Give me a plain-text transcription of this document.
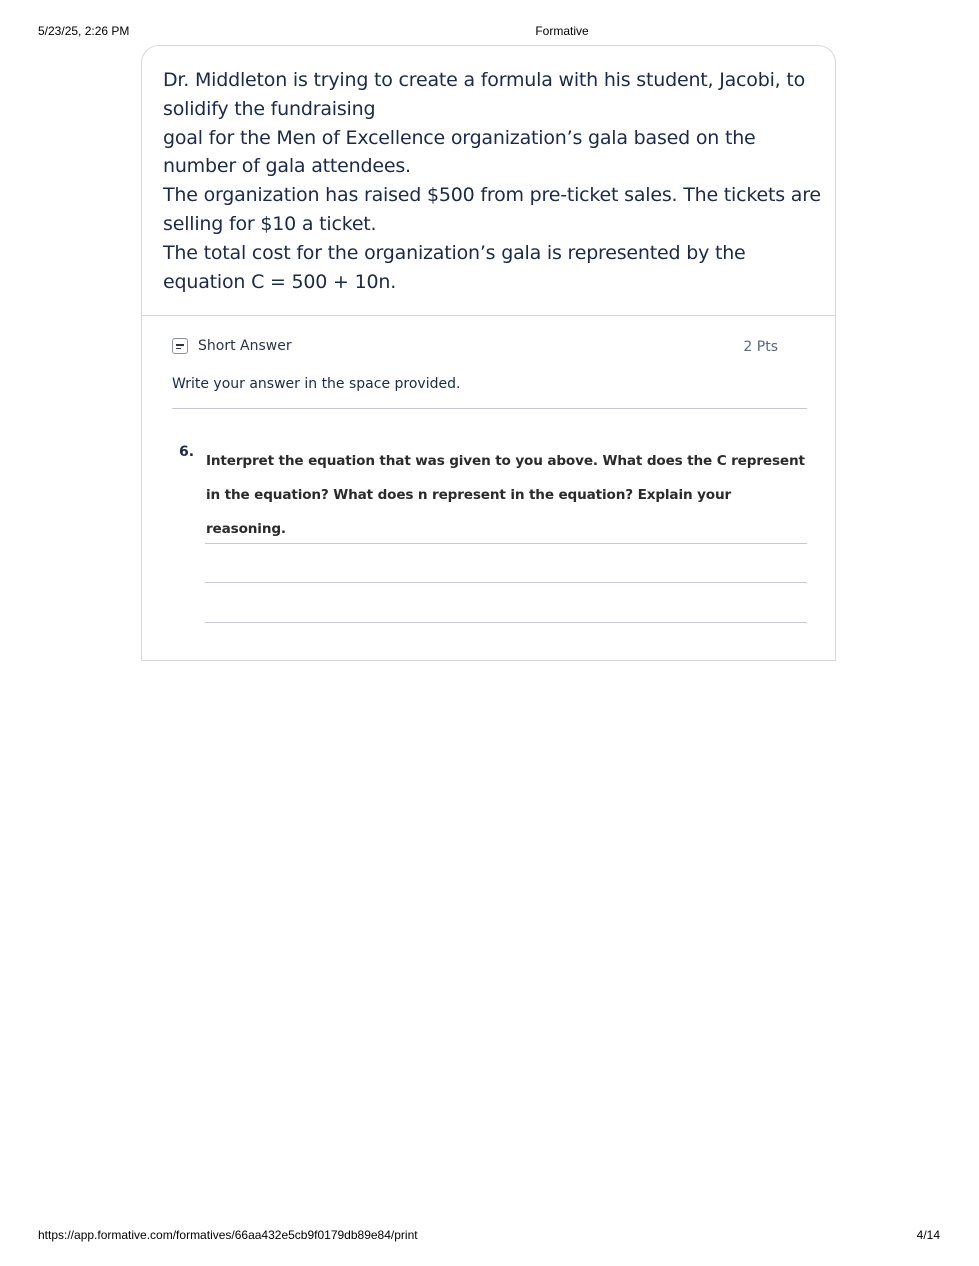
5/23/25, 2:26 PM	Formative
Dr. Middleton is trying to create a formula with his student, Jacobi, to solidify the fundraising
goal for the Men of Excellence organization’s gala based on the number of gala attendees.
The organization has raised $500 from pre-ticket sales. The tickets are selling for $10 a ticket.
The total cost for the organization’s gala is represented by the equation C = 500 + 10n.
Short Answer	2 Pts
Write your answer in the space provided.
6.
Interpret the equation that was given to you above. What does the C represent in the equation? What does n represent in the equation? Explain your reasoning.
https://app.formative.com/formatives/66aa432e5cb9f0179db89e84/print	4/14
